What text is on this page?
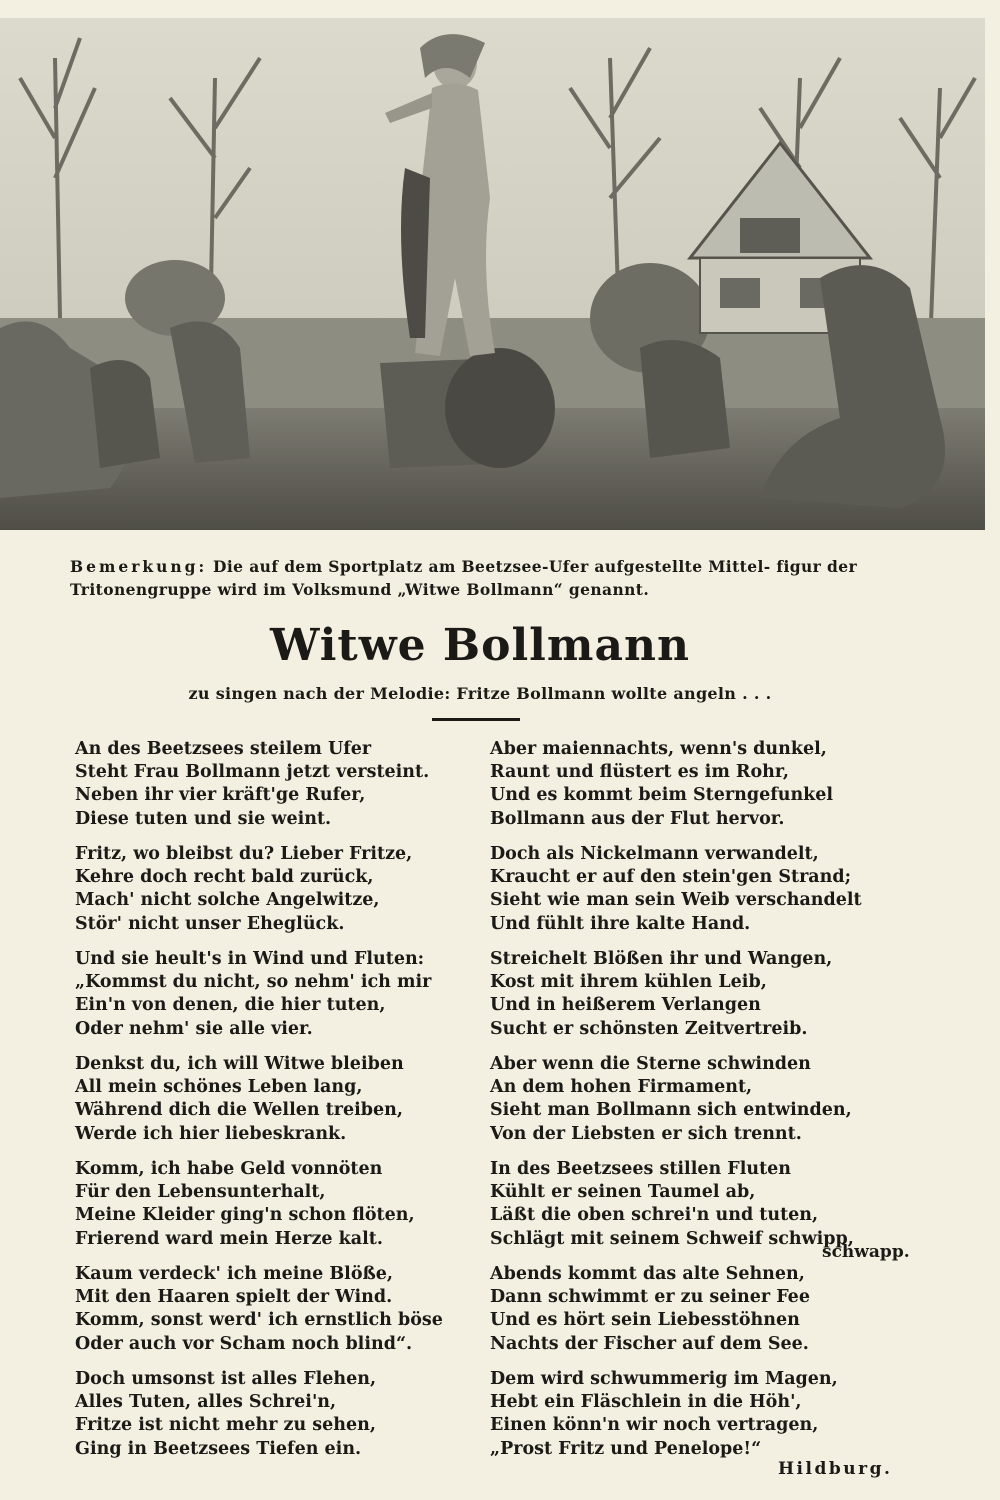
Bemerkung: Die auf dem Sportplatz am Beetzsee-Ufer aufgestellte Mittel- figur der Tritonengruppe wird im Volksmund „Witwe Bollmann“ genannt.
Witwe Bollmann
zu singen nach der Melodie: Fritze Bollmann wollte angeln . . .
An des Beetzsees steilem Ufer
Steht Frau Bollmann jetzt versteint.
Neben ihr vier kräft'ge Rufer,
Diese tuten und sie weint.
Fritz, wo bleibst du? Lieber Fritze,
Kehre doch recht bald zurück,
Mach' nicht solche Angelwitze,
Stör' nicht unser Eheglück.
Und sie heult's in Wind und Fluten:
„Kommst du nicht, so nehm' ich mir
Ein'n von denen, die hier tuten,
Oder nehm' sie alle vier.
Denkst du, ich will Witwe bleiben
All mein schönes Leben lang,
Während dich die Wellen treiben,
Werde ich hier liebeskrank.
Komm, ich habe Geld vonnöten
Für den Lebensunterhalt,
Meine Kleider ging'n schon flöten,
Frierend ward mein Herze kalt.
Kaum verdeck' ich meine Blöße,
Mit den Haaren spielt der Wind.
Komm, sonst werd' ich ernstlich böse
Oder auch vor Scham noch blind“.
Doch umsonst ist alles Flehen,
Alles Tuten, alles Schrei'n,
Fritze ist nicht mehr zu sehen,
Ging in Beetzsees Tiefen ein.
Aber maiennachts, wenn's dunkel,
Raunt und flüstert es im Rohr,
Und es kommt beim Sterngefunkel
Bollmann aus der Flut hervor.
Doch als Nickelmann verwandelt,
Kraucht er auf den stein'gen Strand;
Sieht wie man sein Weib verschandelt
Und fühlt ihre kalte Hand.
Streichelt Blößen ihr und Wangen,
Kost mit ihrem kühlen Leib,
Und in heißerem Verlangen
Sucht er schönsten Zeitvertreib.
Aber wenn die Sterne schwinden
An dem hohen Firmament,
Sieht man Bollmann sich entwinden,
Von der Liebsten er sich trennt.
In des Beetzsees stillen Fluten
Kühlt er seinen Taumel ab,
Läßt die oben schrei'n und tuten,
Schlägt mit seinem Schweif schwipp,
Abends kommt das alte Sehnen,
Dann schwimmt er zu seiner Fee
Und es hört sein Liebesstöhnen
Nachts der Fischer auf dem See.
Dem wird schwummerig im Magen,
Hebt ein Fläschlein in die Höh',
Einen könn'n wir noch vertragen,
„Prost Fritz und Penelope!“
schwapp.
Hildburg.
